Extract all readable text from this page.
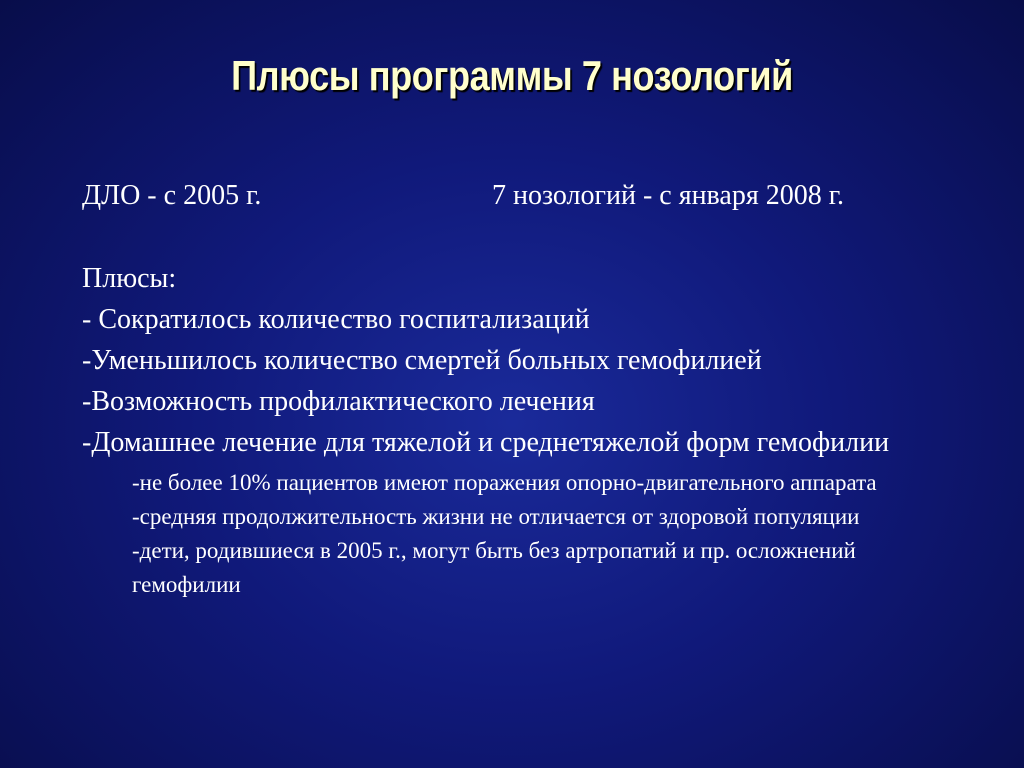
Плюсы программы 7 нозологий
ДЛО - с 2005 г.	7 нозологий - с января 2008 г.

Плюсы:

- Сократилось количество госпитализаций

-Уменьшилось количество смертей больных гемофилией

-Возможность профилактического лечения

-Домашнее лечение для тяжелой и среднетяжелой форм гемофилии

-не более 10% пациентов имеют поражения опорно-двигательного аппарата

-средняя продолжительность жизни не отличается от здоровой популяции

-дети, родившиеся в 2005 г., могут быть без артропатий и пр. осложнений гемофилии
